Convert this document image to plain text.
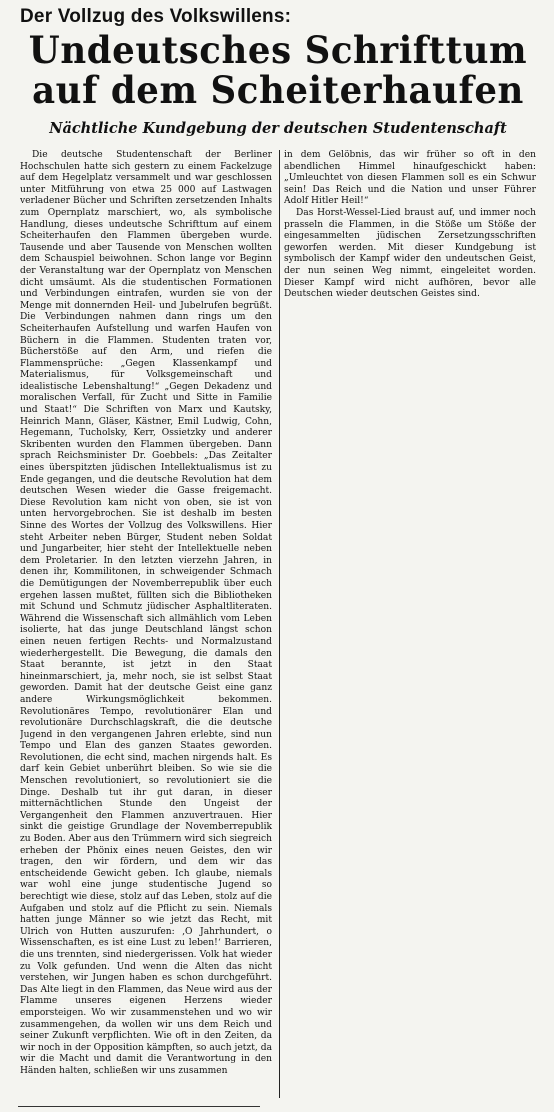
Der Vollzug des Volkswillens:
Undeutsches Schrifttum
auf dem Scheiterhaufen
Nächtliche Kundgebung der deutschen Studentenschaft

Die deutsche Studentenschaft der Berliner Hochschulen hatte sich gestern zu einem Fackelzuge auf dem Hegelplatz versammelt und war geschlossen unter Mitführung von etwa 25 000 auf Lastwagen verladener Bücher und Schriften zersetzenden Inhalts zum Opernplatz marschiert, wo, als symbolische Handlung, dieses undeutsche Schrifttum auf einem Scheiterhaufen den Flammen übergeben wurde. Tausende und aber Tausende von Menschen wollten dem Schauspiel beiwohnen. Schon lange vor Beginn der Veranstaltung war der Opernplatz von Menschen dicht umsäumt. Als die studentischen Formationen und Verbindungen eintrafen, wurden sie von der Menge mit donnernden Heil- und Jubelrufen begrüßt. Die Verbindungen nahmen dann rings um den Scheiterhaufen Aufstellung und warfen Haufen von Büchern in die Flammen. Studenten traten vor, Bücherstöße auf den Arm, und riefen die Flammensprüche: „Gegen Klassenkampf und Materialismus, für Volksgemeinschaft und idealistische Lebenshaltung!“ „Gegen Dekadenz und moralischen Verfall, für Zucht und Sitte in Familie und Staat!“ Die Schriften von Marx und Kautsky, Heinrich Mann, Gläser, Kästner, Emil Ludwig, Cohn, Hegemann, Tucholsky, Kerr, Ossietzky und anderer Skribenten wurden den Flammen übergeben. Dann sprach Reichsminister Dr. Goebbels: „Das Zeitalter eines überspitzten jüdischen Intellektualismus ist zu Ende gegangen, und die deutsche Revolution hat dem deutschen Wesen wieder die Gasse freigemacht. Diese Revolution kam nicht von oben, sie ist von unten hervorgebrochen. Sie ist deshalb im besten Sinne des Wortes der Vollzug des Volkswillens. Hier steht Arbeiter neben Bürger, Student neben Soldat und Jungarbeiter, hier steht der Intellektuelle neben dem Proletarier. In den letzten vierzehn Jahren, in denen ihr, Kommilitonen, in schweigender Schmach die Demütigungen der Novemberrepublik über euch ergehen lassen mußtet, füllten sich die Bibliotheken mit Schund und Schmutz jüdischer Asphaltliteraten. Während die Wissenschaft sich allmählich vom Leben isolierte, hat das junge Deutschland längst schon einen neuen fertigen Rechts- und Normalzustand wiederhergestellt. Die Bewegung, die damals den Staat berannte, ist jetzt in den Staat hineinmarschiert, ja, mehr noch, sie ist selbst Staat geworden. Damit hat der deutsche Geist eine ganz andere Wirkungsmöglichkeit bekommen. Revolutionäres Tempo, revolutionärer Elan und revolutionäre Durchschlagskraft, die die deutsche Jugend in den vergangenen Jahren erlebte, sind nun Tempo und Elan des ganzen Staates geworden. Revolutionen, die echt sind, machen nirgends halt. Es darf kein Gebiet unberührt bleiben. So wie sie die Menschen revolutioniert, so revolutioniert sie die Dinge. Deshalb tut ihr gut daran, in dieser mitternächtlichen Stunde den Ungeist der Vergangenheit den Flammen anzuvertrauen. Hier sinkt die geistige Grundlage der Novemberrepublik zu Boden. Aber aus den Trümmern wird sich siegreich erheben der Phönix eines neuen Geistes, den wir tragen, den wir fördern, und dem wir das entscheidende Gewicht geben. Ich glaube, niemals war wohl eine junge studentische Jugend so berechtigt wie diese, stolz auf das Leben, stolz auf die Aufgaben und stolz auf die Pflicht zu sein. Niemals hatten junge Männer so wie jetzt das Recht, mit Ulrich von Hutten auszurufen: ‚O Jahrhundert, o Wissenschaften, es ist eine Lust zu leben!‘ Barrieren, die uns trennten, sind niedergerissen. Volk hat wieder zu Volk gefunden. Und wenn die Alten das nicht verstehen, wir Jungen haben es schon durchgeführt. Das Alte liegt in den Flammen, das Neue wird aus der Flamme unseres eigenen Herzens wieder emporsteigen. Wo wir zusammenstehen und wo wir zusammengehen, da wollen wir uns dem Reich und seiner Zukunft verpflichten. Wie oft in den Zeiten, da wir noch in der Opposition kämpften, so auch jetzt, da wir die Macht und damit die Verantwortung in den Händen halten, schließen wir uns zusammen

in dem Gelöbnis, das wir früher so oft in den abendlichen Himmel hinaufgeschickt haben: „Umleuchtet von diesen Flammen soll es ein Schwur sein! Das Reich und die Nation und unser Führer Adolf Hitler Heil!“

Das Horst-Wessel-Lied braust auf, und immer noch prasseln die Flammen, in die Stöße um Stöße der eingesammelten jüdischen Zersetzungsschriften geworfen werden. Mit dieser Kundgebung ist symbolisch der Kampf wider den undeutschen Geist, der nun seinen Weg nimmt, eingeleitet worden. Dieser Kampf wird nicht aufhören, bevor alle Deutschen wieder deutschen Geistes sind.
